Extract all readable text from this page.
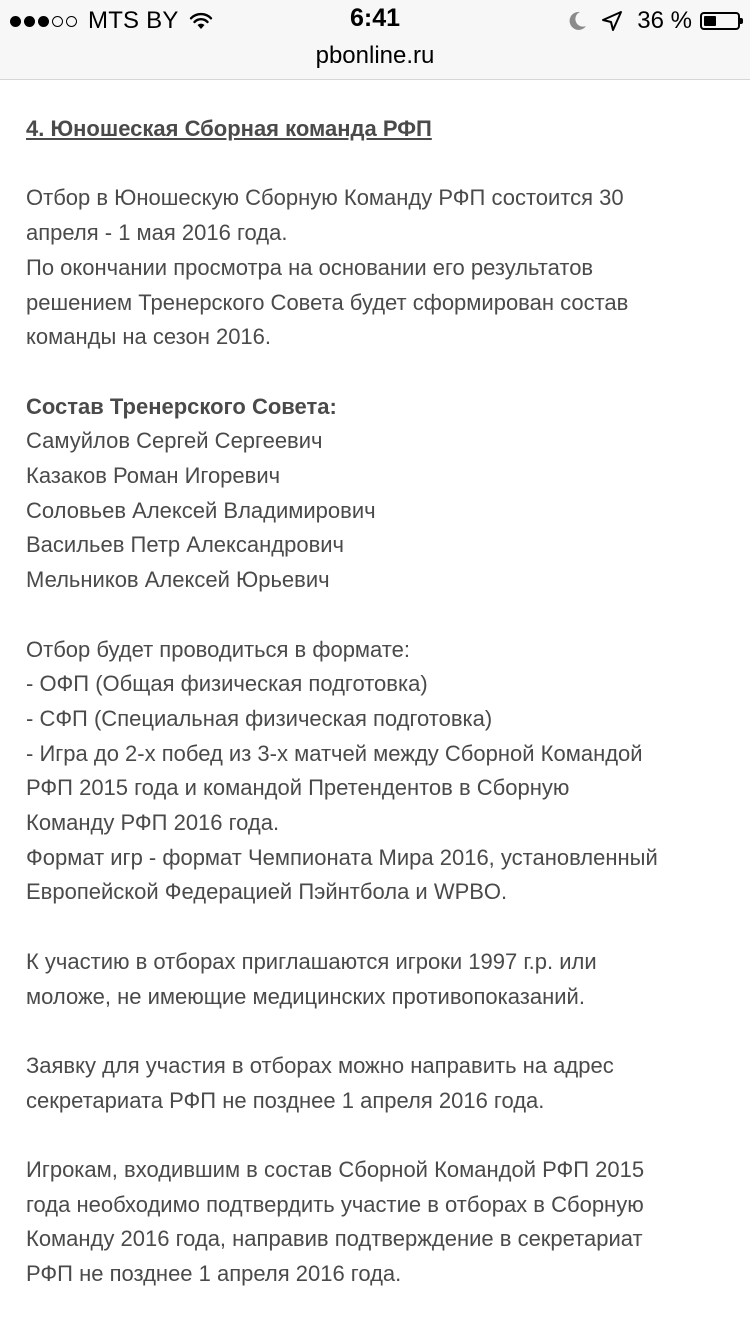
MTS BY	6:41	36 %
pbonline.ru

4. Юношеская Сборная команда РФП

Отбор в Юношескую Сборную Команду РФП состоится 30

апреля - 1 мая 2016 года.

По окончании просмотра на основании его результатов

решением Тренерского Совета будет сформирован состав

команды на сезон 2016.

Состав Тренерского Совета:

Самуйлов Сергей Сергеевич

Казаков Роман Игоревич

Соловьев Алексей Владимирович

Васильев Петр Александрович

Мельников Алексей Юрьевич

Отбор будет проводиться в формате:

- ОФП (Общая физическая подготовка)

- СФП (Специальная физическая подготовка)

- Игра до 2-х побед из 3-х матчей между Сборной Командой

РФП 2015 года и командой Претендентов в Сборную

Команду РФП 2016 года.

Формат игр - формат Чемпионата Мира 2016, установленный

Европейской Федерацией Пэйнтбола и WPBO.

К участию в отборах приглашаются игроки 1997 г.р. или

моложе, не имеющие медицинских противопоказаний.

Заявку для участия в отборах можно направить на адрес

секретариата РФП не позднее 1 апреля 2016 года.

Игрокам, входившим в состав Сборной Командой РФП 2015

года необходимо подтвердить участие в отборах в Сборную

Команду 2016 года, направив подтверждение в секретариат

РФП не позднее 1 апреля 2016 года.
